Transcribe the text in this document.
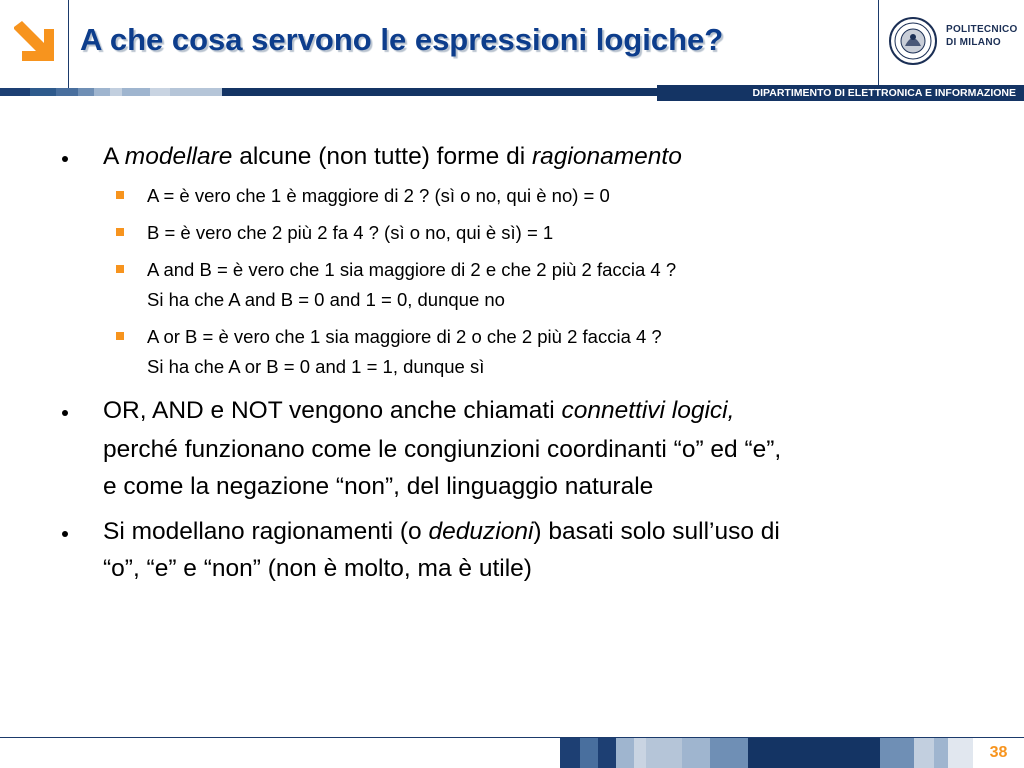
A che cosa servono le espressioni logiche?	POLITECNICO
DI MILANO
DIPARTIMENTO DI ELETTRONICA E INFORMAZIONE
A modellare alcune (non tutte) forme di ragionamento
A = è vero che 1 è maggiore di 2 ? (sì o no, qui è no) = 0
B = è vero che 2 più 2 fa 4 ? (sì o no, qui è sì) = 1
A and B = è vero che 1 sia maggiore di 2 e che 2 più 2 faccia 4 ?
Si ha che A and B = 0 and 1 = 0, dunque no
A or B = è vero che 1 sia maggiore di 2 o che 2 più 2 faccia 4 ?
Si ha che A or B = 0 and 1 = 1, dunque sì
OR, AND e NOT vengono anche chiamati connettivi logici,
perché funzionano come le congiunzioni coordinanti “o” ed “e”,
e come la negazione “non”, del linguaggio naturale
Si modellano ragionamenti (o deduzioni) basati solo sull’uso di
“o”, “e” e “non” (non è molto, ma è utile)
38
